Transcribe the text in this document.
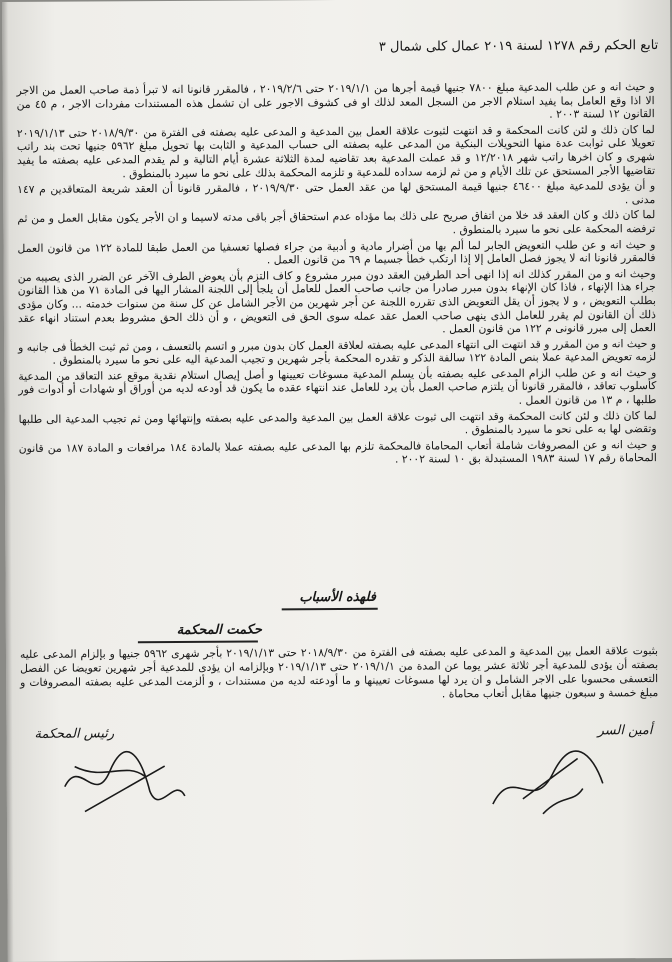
تابع الحكم رقم ١٢٧٨ لسنة ٢٠١٩ عمال كلى شمال ٣

و حيث انه و عن طلب المدعية مبلغ ٧٨٠٠ جنيها قيمة أجرها من ٢٠١٩/١/١ حتى ٢٠١٩/٢/٦ ، فالمقرر قانونا انه لا تبرأ ذمة صاحب العمل من الاجر الا اذا وقع العامل بما يفيد استلام الاجر من السجل المعد لذلك او فى كشوف الاجور على ان تشمل هذه المستندات مفردات الاجر ، م ٤٥ من القانون ١٢ لسنة ٢٠٠٣ .

لما كان ذلك و لئن كانت المحكمة و قد انتهت لثبوت علاقة العمل بين المدعية و المدعى عليه بصفته فى الفترة من ٢٠١٨/٩/٣٠ حتى ٢٠١٩/١/١٣ تعويلا على ثوابت عدة منها التحويلات البنكية من المدعى عليه بصفته الى حساب المدعية و الثابت بها تحويل مبلغ ٥٩٦٢ جنيها تحت بند راتب شهرى و كان اخرها راتب شهر ١٢/٢٠١٨ و قد عملت المدعية بعد تقاضيه لمدة الثلاثة عشرة أيام التالية و لم يقدم المدعى عليه بصفته ما يفيد تقاضيها الأجر المستحق عن تلك الأيام و من ثم لزمه سداده للمدعية و تلزمه المحكمة بذلك على نحو ما سيرد بالمنطوق .

و أن يؤدى للمدعية مبلغ ٤٦٤٠٠ جنيها قيمة المستحق لها من عقد العمل حتى ٢٠١٩/٩/٣٠ ، فالمقرر قانونا أن العقد شريعة المتعاقدين م ١٤٧ مدنى .

لما كان ذلك و كان العقد قد خلا من اتفاق صريح على ذلك بما مؤداه عدم استحقاق أجر باقى مدته لاسيما و ان الأجر يكون مقابل العمل و من ثم ترفضه المحكمة على نحو ما سيرد بالمنطوق .

و حيث انه و عن طلب التعويض الجابر لما ألم بها من أضرار مادية و أدبية من جراء فصلها تعسفيا من العمل طبقا للمادة ١٢٢ من قانون العمل فالمقرر قانونا انه لا يجوز فصل العامل إلا إذا ارتكب خطأ جسيما م ٦٩ من قانون العمل .

وحيث انه و من المقرر كذلك انه إذا انهى أحد الطرفين العقد دون مبرر مشروع و كاف التزم بأن يعوض الطرف الآخر عن الضرر الذى يصيبه من جراء هذا الإنهاء ، فاذا كان الإنهاء بدون مبرر صادرا من جانب صاحب العمل للعامل أن يلجأ إلى اللجنة المشار اليها فى المادة ٧١ من هذا القانون بطلب التعويض ، و لا يجوز أن يقل التعويض الذى تقرره اللجنة عن أجر شهرين من الأجر الشامل عن كل سنة من سنوات خدمته ... وكان مؤدى ذلك أن القانون لم يقرر للعامل الذى ينهى صاحب العمل عقد عمله سوى الحق فى التعويض ، و أن ذلك الحق مشروط بعدم استناد انهاء عقد العمل إلى مبرر قانونى م ١٢٢ من قانون العمل .

و حيث انه و من المقرر و قد انتهت الى انتهاء المدعى عليه بصفته لعلاقة العمل كان بدون مبرر و اتسم بالتعسف ، ومن ثم ثبت الخطأ فى جانبه و لزمه تعويض المدعية عملا بنص المادة ١٢٢ سالفة الذكر و تقدره المحكمة بأجر شهرين و تجيب المدعية اليه على نحو ما سيرد بالمنطوق .

و حيث انه و عن طلب الزام المدعى عليه بصفته بأن يسلم المدعية مسوغات تعيينها و أصل إيصال استلام نقدية موقع عند التعاقد من المدعية كأسلوب تعاقد ، فالمقرر قانونا أن يلتزم صاحب العمل بأن يرد للعامل عند انتهاء عقده ما يكون قد أودعه لديه من أوراق أو شهادات أو أدوات فور طلبها ، م ١٣ من قانون العمل .

لما كان ذلك و لئن كانت المحكمة وقد انتهت الى ثبوت علاقة العمل بين المدعية والمدعى عليه بصفته وإنتهائها ومن ثم تجيب المدعية الى طلبها وتقضى لها به على نحو ما سيرد بالمنطوق .

و حيث انه و عن المصروفات شاملة أتعاب المحاماة فالمحكمة تلزم بها المدعى عليه بصفته عملا بالمادة ١٨٤ مرافعات و المادة ١٨٧ من قانون المحاماة رقم ١٧ لسنة ١٩٨٣ المستبدلة بق ١٠ لسنة ٢٠٠٢ .

فلهذه الأسباب
حكمت المحكمة
بثبوت علاقة العمل بين المدعية و المدعى عليه بصفته فى الفترة من ٢٠١٨/٩/٣٠ حتى ٢٠١٩/١/١٣ بأجر شهرى ٥٩٦٢ جنيها و بإلزام المدعى عليه بصفته أن يؤدى للمدعية أجر ثلاثة عشر يوما عن المدة من ٢٠١٩/١/١ حتى ٢٠١٩/١/١٣ وبإلزامه ان يؤدى للمدعية أجر شهرين تعويضا عن الفصل التعسفى محسوبا على الاجر الشامل و ان يرد لها مسوغات تعيينها و ما أودعته لديه من مستندات ، و ألزمت المدعى عليه بصفته المصروفات و مبلغ خمسة و سبعون جنيها مقابل أتعاب محاماة .
أمين السر
رئيس المحكمة
